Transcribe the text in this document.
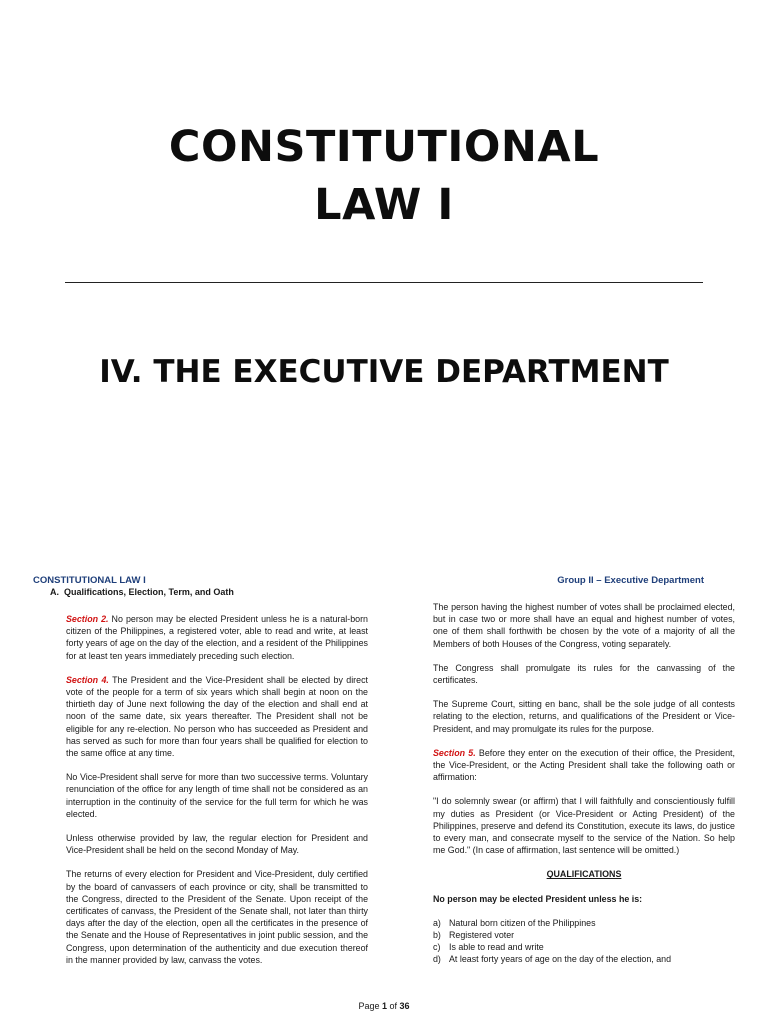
CONSTITUTIONAL
LAW I
IV. THE EXECUTIVE DEPARTMENT
CONSTITUTIONAL LAW I	Group II – Executive Department
A. Qualifications, Election, Term, and Oath

Section 2. No person may be elected President unless he is a natural-born citizen of the Philippines, a registered voter, able to read and write, at least forty years of age on the day of the election, and a resident of the Philippines for at least ten years immediately preceding such election.

Section 4. The President and the Vice-President shall be elected by direct vote of the people for a term of six years which shall begin at noon on the thirtieth day of June next following the day of the election and shall end at noon of the same date, six years thereafter. The President shall not be eligible for any re-election. No person who has succeeded as President and has served as such for more than four years shall be qualified for election to the same office at any time.

No Vice-President shall serve for more than two successive terms. Voluntary renunciation of the office for any length of time shall not be considered as an interruption in the continuity of the service for the full term for which he was elected.

Unless otherwise provided by law, the regular election for President and Vice-President shall be held on the second Monday of May.

The returns of every election for President and Vice-President, duly certified by the board of canvassers of each province or city, shall be transmitted to the Congress, directed to the President of the Senate. Upon receipt of the certificates of canvass, the President of the Senate shall, not later than thirty days after the day of the election, open all the certificates in the presence of the Senate and the House of Representatives in joint public session, and the Congress, upon determination of the authenticity and due execution thereof in the manner provided by law, canvass the votes.

The person having the highest number of votes shall be proclaimed elected, but in case two or more shall have an equal and highest number of votes, one of them shall forthwith be chosen by the vote of a majority of all the Members of both Houses of the Congress, voting separately.

The Congress shall promulgate its rules for the canvassing of the certificates.

The Supreme Court, sitting en banc, shall be the sole judge of all contests relating to the election, returns, and qualifications of the President or Vice-President, and may promulgate its rules for the purpose.

Section 5. Before they enter on the execution of their office, the President, the Vice-President, or the Acting President shall take the following oath or affirmation:

"I do solemnly swear (or affirm) that I will faithfully and conscientiously fulfill my duties as President (or Vice-President or Acting President) of the Philippines, preserve and defend its Constitution, execute its laws, do justice to every man, and consecrate myself to the service of the Nation. So help me God." (In case of affirmation, last sentence will be omitted.)

QUALIFICATIONS

No person may be elected President unless he is:

a) Natural born citizen of the Philippines
b) Registered voter
c) Is able to read and write
d) At least forty years of age on the day of the election, and
Page 1 of 36
